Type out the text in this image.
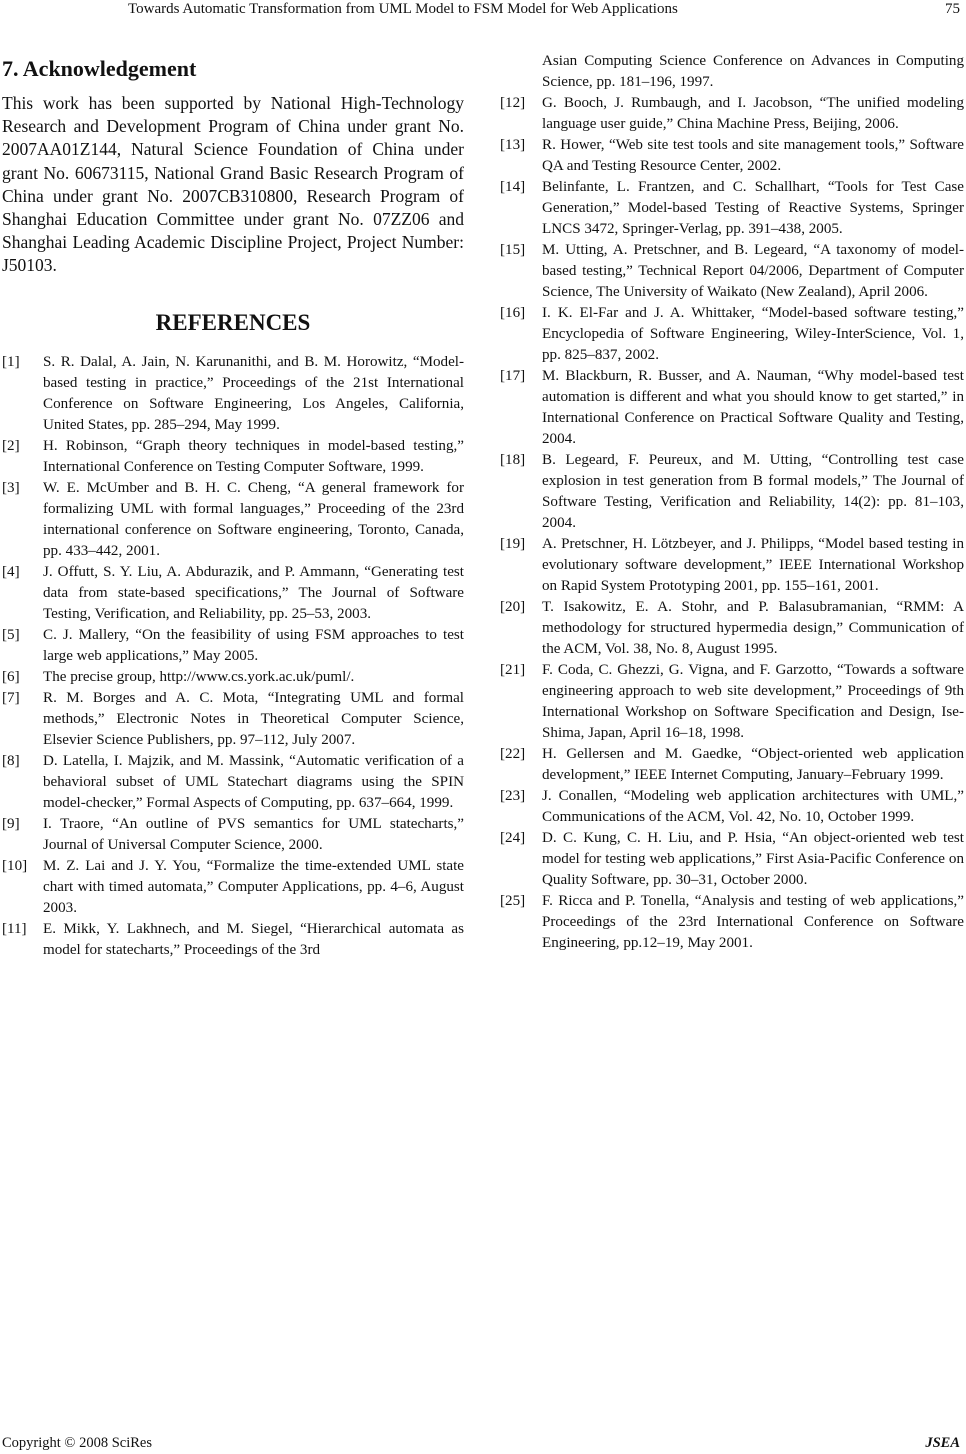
Towards Automatic Transformation from UML Model to FSM Model for Web Applications	75
7. Acknowledgement

This work has been supported by National High-Technology Research and Development Program of China under grant No. 2007AA01Z144, Natural Science Foundation of China under grant No. 60673115, National Grand Basic Research Program of China under grant No. 2007CB310800, Research Program of Shanghai Education Committee under grant No. 07ZZ06 and Shanghai Leading Academic Discipline Project, Project Number: J50103.

REFERENCES
[1]	S. R. Dalal, A. Jain, N. Karunanithi, and B. M. Horowitz, “Model-based testing in practice,” Proceedings of the 21st International Conference on Software Engineering, Los Angeles, California, United States, pp. 285–294, May 1999.
[2]	H. Robinson, “Graph theory techniques in model-based testing,” International Conference on Testing Computer Software, 1999.
[3]	W. E. McUmber and B. H. C. Cheng, “A general framework for formalizing UML with formal languages,” Proceeding of the 23rd international conference on Software engineering, Toronto, Canada, pp. 433–442, 2001.
[4]	J. Offutt, S. Y. Liu, A. Abdurazik, and P. Ammann, “Generating test data from state-based specifications,” The Journal of Software Testing, Verification, and Reliability, pp. 25–53, 2003.
[5]	C. J. Mallery, “On the feasibility of using FSM approaches to test large web applications,” May 2005.
[6]	The precise group, http://www.cs.york.ac.uk/puml/.
[7]	R. M. Borges and A. C. Mota, “Integrating UML and formal methods,” Electronic Notes in Theoretical Computer Science, Elsevier Science Publishers, pp. 97–112, July 2007.
[8]	D. Latella, I. Majzik, and M. Massink, “Automatic verification of a behavioral subset of UML Statechart diagrams using the SPIN model-checker,” Formal Aspects of Computing, pp. 637–664, 1999.
[9]	I. Traore, “An outline of PVS semantics for UML statecharts,” Journal of Universal Computer Science, 2000.
[10]	M. Z. Lai and J. Y. You, “Formalize the time-extended UML state chart with timed automata,” Computer Applications, pp. 4–6, August 2003.
[11]	E. Mikk, Y. Lakhnech, and M. Siegel, “Hierarchical automata as model for statecharts,” Proceedings of the 3rd
Asian Computing Science Conference on Advances in Computing Science, pp. 181–196, 1997.
[12]	G. Booch, J. Rumbaugh, and I. Jacobson, “The unified modeling language user guide,” China Machine Press, Beijing, 2006.
[13]	R. Hower, “Web site test tools and site management tools,” Software QA and Testing Resource Center, 2002.
[14]	Belinfante, L. Frantzen, and C. Schallhart, “Tools for Test Case Generation,” Model-based Testing of Reactive Systems, Springer LNCS 3472, Springer-Verlag, pp. 391–438, 2005.
[15]	M. Utting, A. Pretschner, and B. Legeard, “A taxonomy of model-based testing,” Technical Report 04/2006, Department of Computer Science, The University of Waikato (New Zealand), April 2006.
[16]	I. K. El-Far and J. A. Whittaker, “Model-based software testing,” Encyclopedia of Software Engineering, Wiley-InterScience, Vol. 1, pp. 825–837, 2002.
[17]	M. Blackburn, R. Busser, and A. Nauman, “Why model-based test automation is different and what you should know to get started,” in International Conference on Practical Software Quality and Testing, 2004.
[18]	B. Legeard, F. Peureux, and M. Utting, “Controlling test case explosion in test generation from B formal models,” The Journal of Software Testing, Verification and Reliability, 14(2): pp. 81–103, 2004.
[19]	A. Pretschner, H. Lötzbeyer, and J. Philipps, “Model based testing in evolutionary software development,” IEEE International Workshop on Rapid System Prototyping 2001, pp. 155–161, 2001.
[20]	T. Isakowitz, E. A. Stohr, and P. Balasubramanian, “RMM: A methodology for structured hypermedia design,” Communication of the ACM, Vol. 38, No. 8, August 1995.
[21]	F. Coda, C. Ghezzi, G. Vigna, and F. Garzotto, “Towards a software engineering approach to web site development,” Proceedings of 9th International Workshop on Software Specification and Design, Ise-Shima, Japan, April 16–18, 1998.
[22]	H. Gellersen and M. Gaedke, “Object-oriented web application development,” IEEE Internet Computing, January–February 1999.
[23]	J. Conallen, “Modeling web application architectures with UML,” Communications of the ACM, Vol. 42, No. 10, October 1999.
[24]	D. C. Kung, C. H. Liu, and P. Hsia, “An object-oriented web test model for testing web applications,” First Asia-Pacific Conference on Quality Software, pp. 30–31, October 2000.
[25]	F. Ricca and P. Tonella, “Analysis and testing of web applications,” Proceedings of the 23rd International Conference on Software Engineering, pp.12–19, May 2001.
Copyright © 2008 SciRes	JSEA
